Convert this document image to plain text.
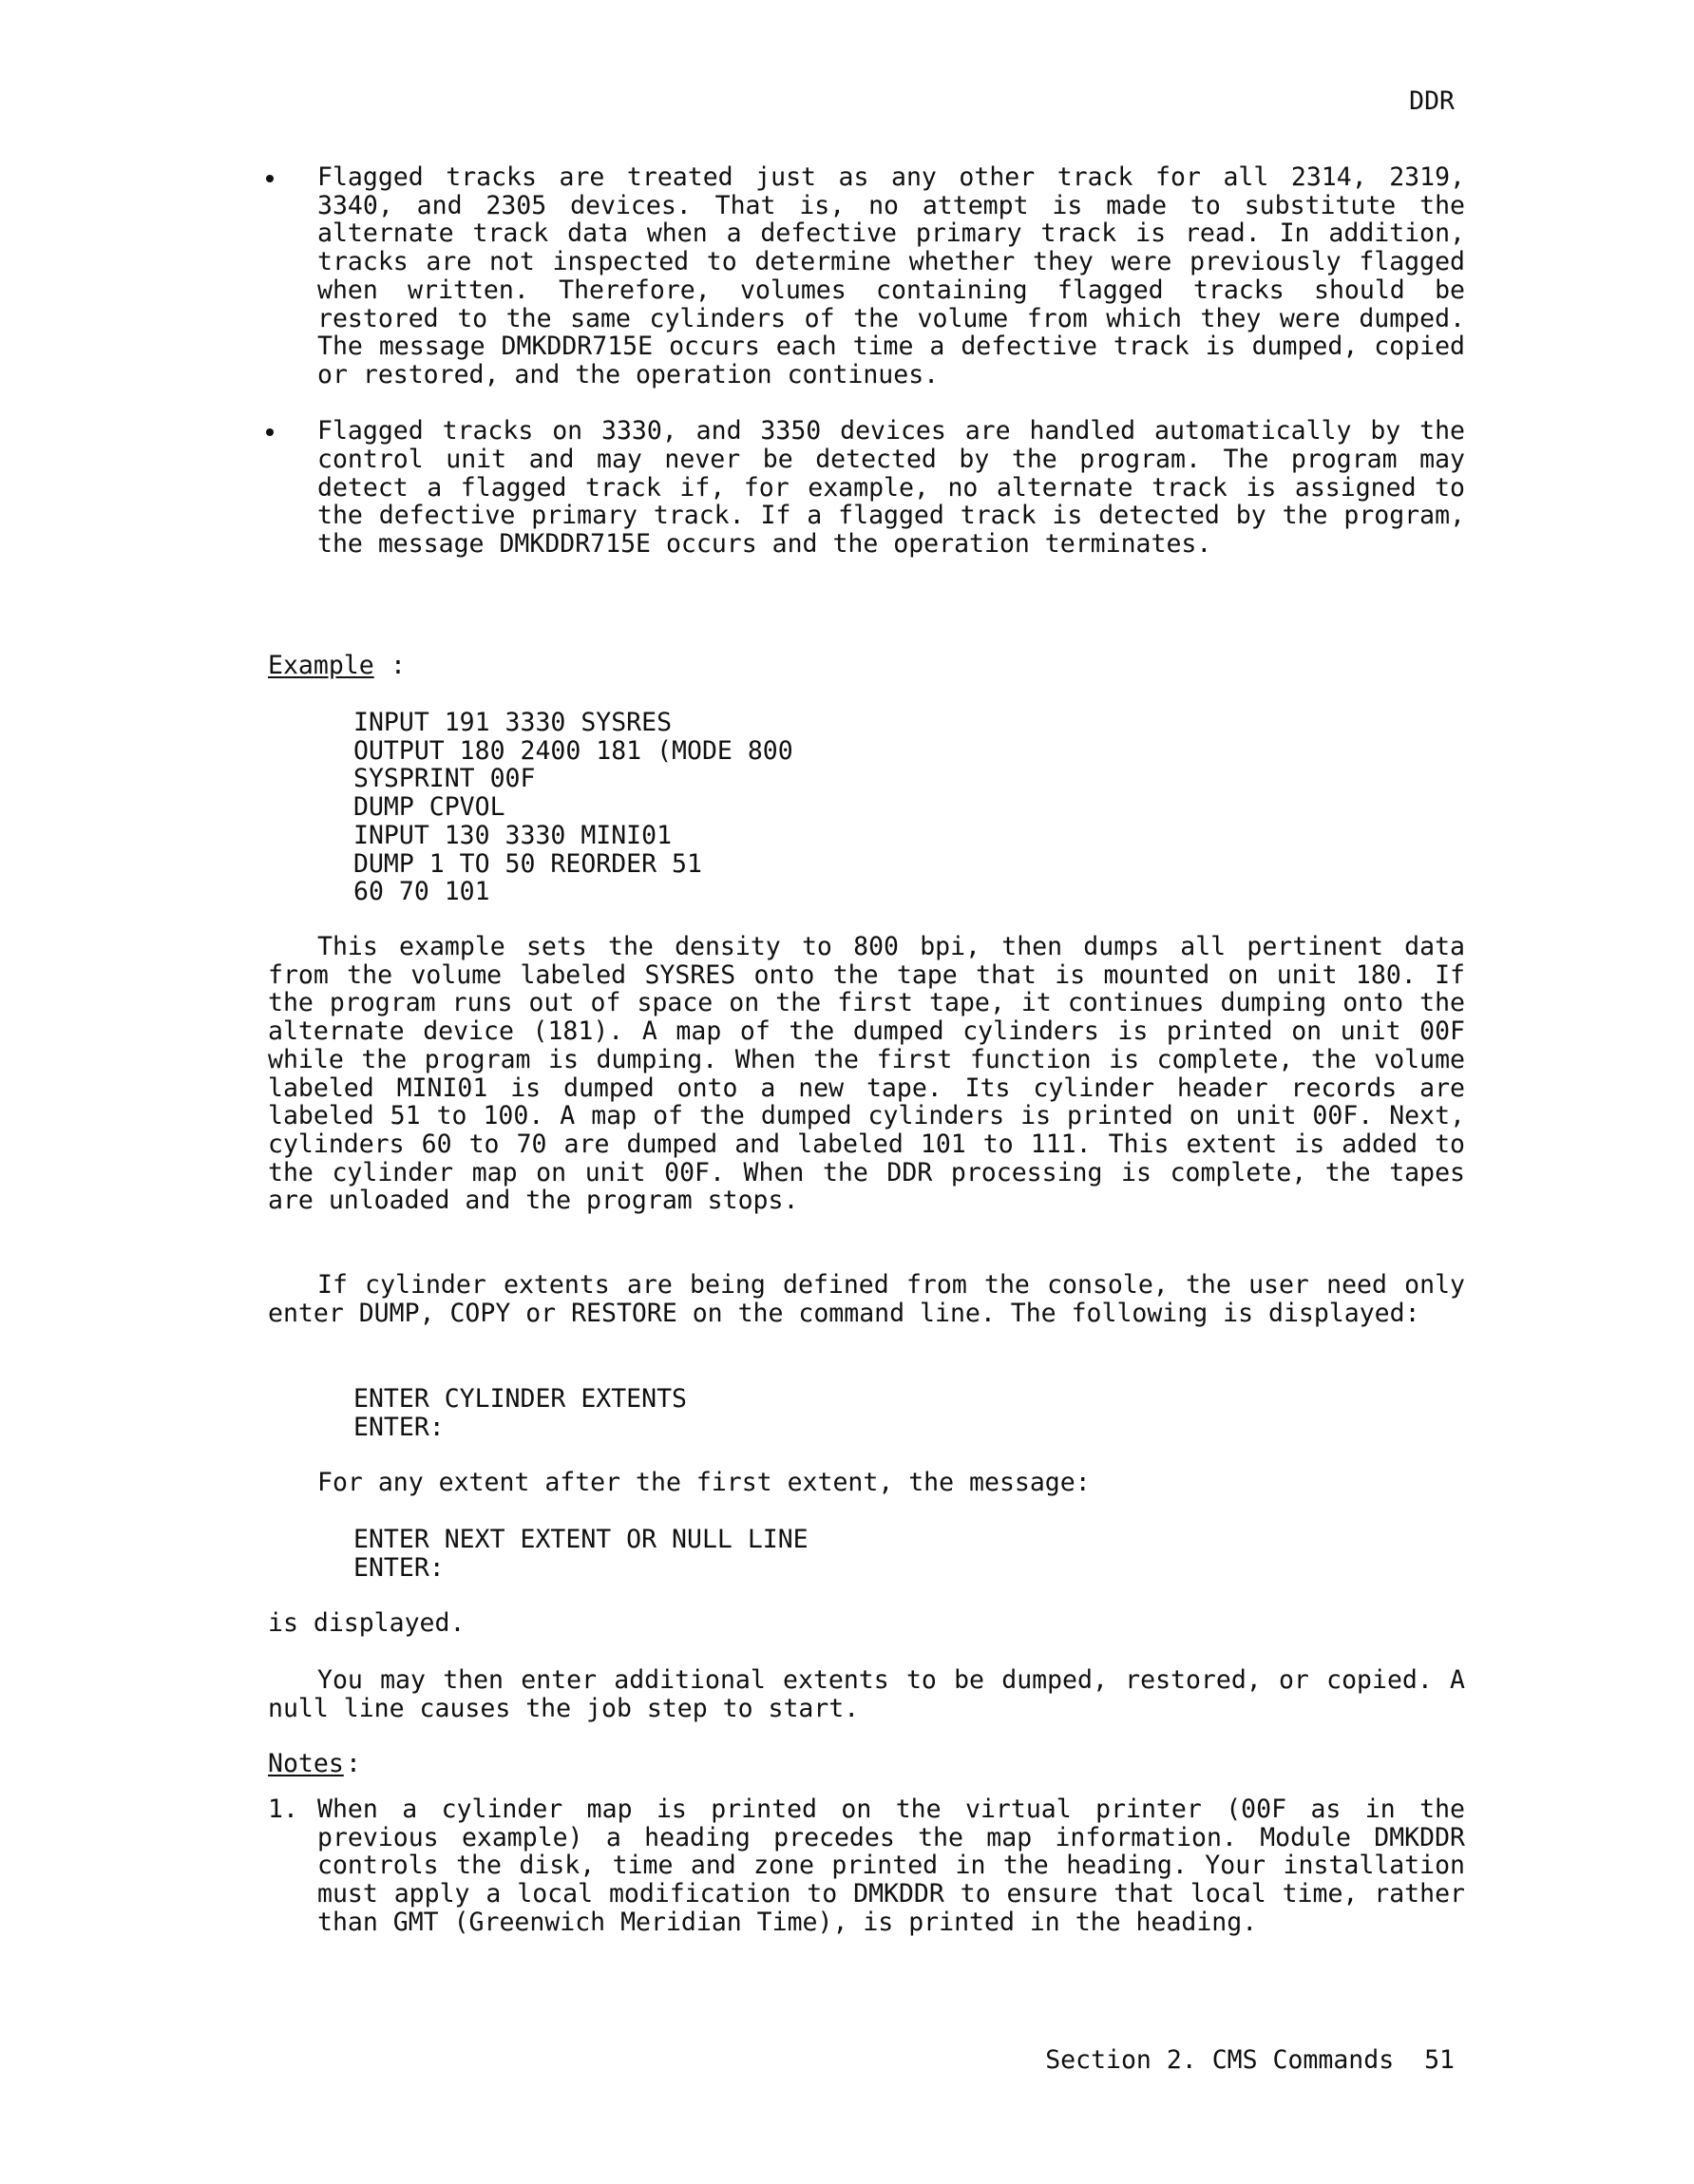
DDR
Flagged tracks are treated just as any other track for all 2314, 2319, 3340, and 2305 devices. That is, no attempt is made to substitute the alternate track data when a defective primary track is read. In addition, tracks are not inspected to determine whether they were previously flagged when written. Therefore, volumes containing flagged tracks should be restored to the same cylinders of the volume from which they were dumped. The message DMKDDR715E occurs each time a defective track is dumped, copied or restored, and the operation continues.
Flagged tracks on 3330, and 3350 devices are handled automatically by the control unit and may never be detected by the program. The program may detect a flagged track if, for example, no alternate track is assigned to the defective primary track. If a flagged track is detected by the program, the message DMKDDR715E occurs and the operation terminates.
Example :
INPUT 191 3330 SYSRES
OUTPUT 180 2400 181 (MODE 800
SYSPRINT 00F
DUMP CPVOL
INPUT 130 3330 MINI01
DUMP 1 TO 50 REORDER 51
60 70 101

This example sets the density to 800 bpi, then dumps all pertinent data from the volume labeled SYSRES onto the tape that is mounted on unit 180. If the program runs out of space on the first tape, it continues dumping onto the alternate device (181). A map of the dumped cylinders is printed on unit 00F while the program is dumping. When the first function is complete, the volume labeled MINI01 is dumped onto a new tape. Its cylinder header records are labeled 51 to 100. A map of the dumped cylinders is printed on unit 00F. Next, cylinders 60 to 70 are dumped and labeled 101 to 111. This extent is added to the cylinder map on unit 00F. When the DDR processing is complete, the tapes are unloaded and the program stops.

If cylinder extents are being defined from the console, the user need only enter DUMP, COPY or RESTORE on the command line. The following is displayed:

ENTER CYLINDER EXTENTS
ENTER:

For any extent after the first extent, the message:

ENTER NEXT EXTENT OR NULL LINE
ENTER:

is displayed.

You may then enter additional extents to be dumped, restored, or copied. A null line causes the job step to start.

Notes :
1. When a cylinder map is printed on the virtual printer (00F as in the previous example) a heading precedes the map information. Module DMKDDR controls the disk, time and zone printed in the heading. Your installation must apply a local modification to DMKDDR to ensure that local time, rather than GMT (Greenwich Meridian Time), is printed in the heading.
Section 2. CMS Commands 51
